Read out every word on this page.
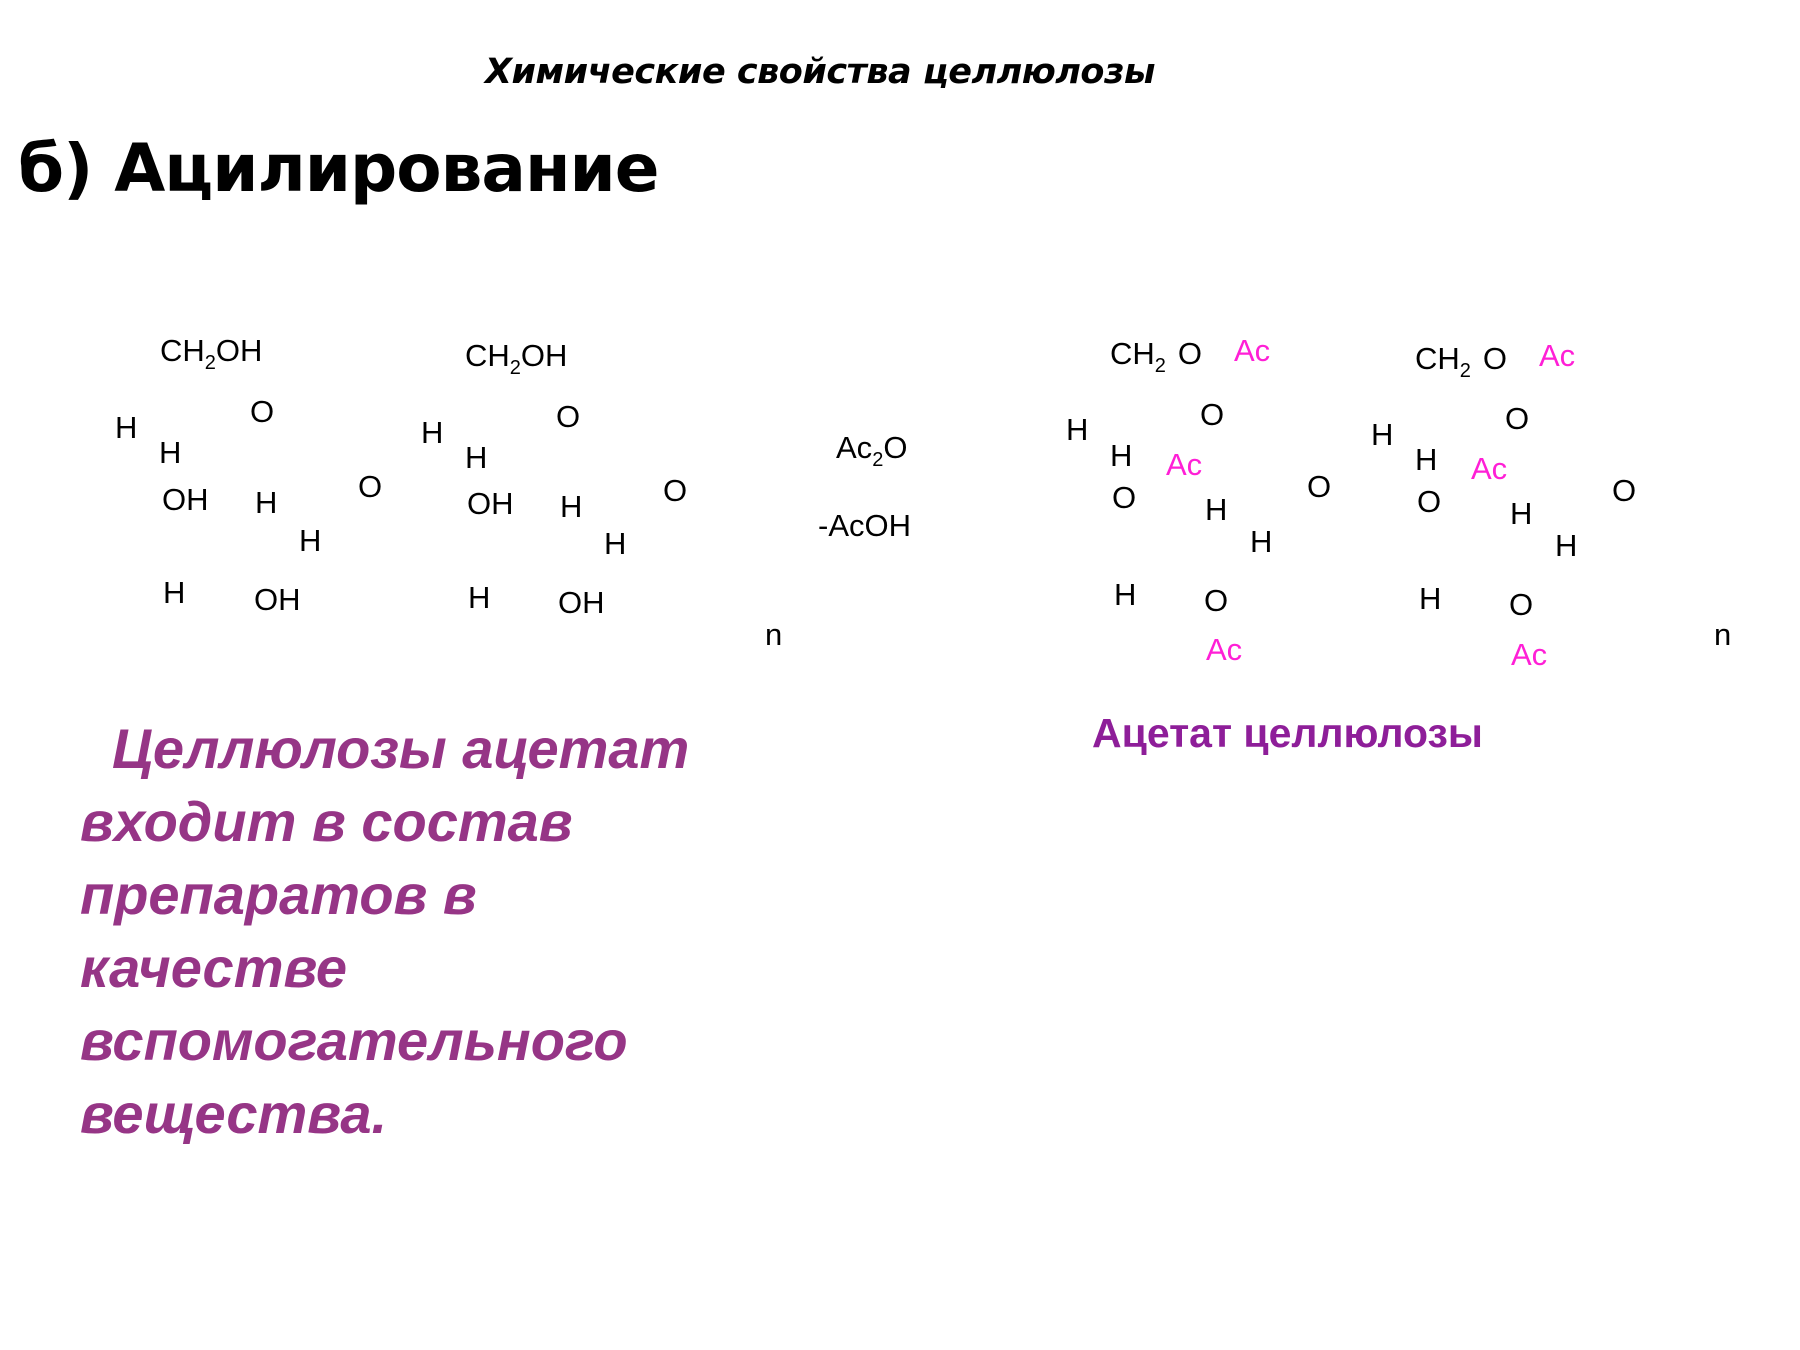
Химические свойства целлюлозы
б) Ацилирование
$CH_2OH$
O
H
H
OH H
H
H OH
O
$CH_2OH$
O
H
H
OH H
H
H OH
O
n
$Ac_2O$
-AcOH
$CH_2$ O Ac
O
H
H Ac
O H
H
H O
Ac
O
$CH_2$ O Ac
O
H
H Ac
O H
H
H O
Ac
O
n
Ацетат целлюлозы
Целлюлозы ацетат
входит в состав
препаратов в
качестве
вспомогательного
вещества.
